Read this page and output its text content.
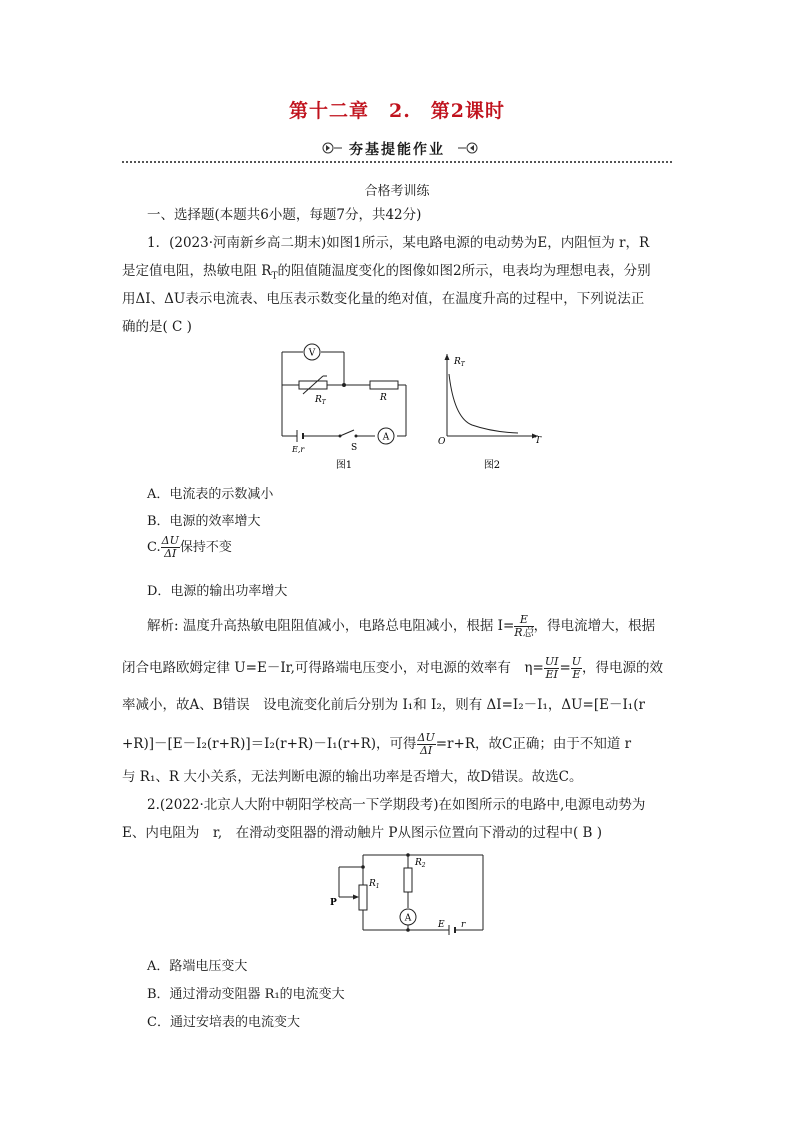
第十二章　2.　第2课时
夯基提能作业
合格考训练
一、选择题(本题共6小题，每题7分，共42分)
1．(2023·河南新乡高二期末)如图1所示，某电路电源的电动势为E，内阻恒为 r，R
是定值电阻，热敏电阻 $R_T$的阻值随温度变化的图像如图2所示，电表均为理想电表，分别
用ΔI、ΔU表示电流表、电压表示数变化量的绝对值，在温度升高的过程中，下列说法正
确的是( C )
V
A
$R_T$	R
S
E,r
图1
$R_T$
O	T
图2
A．电流表的示数减小
B．电源的效率增大
C. $\frac{\Delta U}{\Delta I}$ 保持不变
D．电源的输出功率增大
解析: 温度升高热敏电阻阻值减小，电路总电阻减小，根据 $I= \frac{E}{\text{R总}}$ ，得电流增大，根据
闭合电路欧姆定律 U=E－Ir,可得路端电压变小，对电源的效率有　$\eta= \frac{UI}{EI} = \frac{U}{E}$ ，得电源的效
率减小，故A、B错误　设电流变化前后分别为 I₁和 I₂，则有 ΔI=I₂－I₁，ΔU=[E－I₁(r
+R)]－[E－I₂(r+R)]＝I₂(r+R)－I₁(r+R)，可得 $\frac{\Delta U}{\Delta I} =r+R$，故C正确；由于不知道 r
与 R₁、R 大小关系，无法判断电源的输出功率是否增大，故D错误。故选C。
2.(2022·北京人大附中朝阳学校高一下学期段考)在如图所示的电路中,电源电动势为
E、内电阻为　r,　在滑动变阻器的滑动触片 P从图示位置向下滑动的过程中( B )
$R_1$
$R_2$
P
A
E r
A．路端电压变大
B．通过滑动变阻器 R₁的电流变大
C．通过安培表的电流变大
